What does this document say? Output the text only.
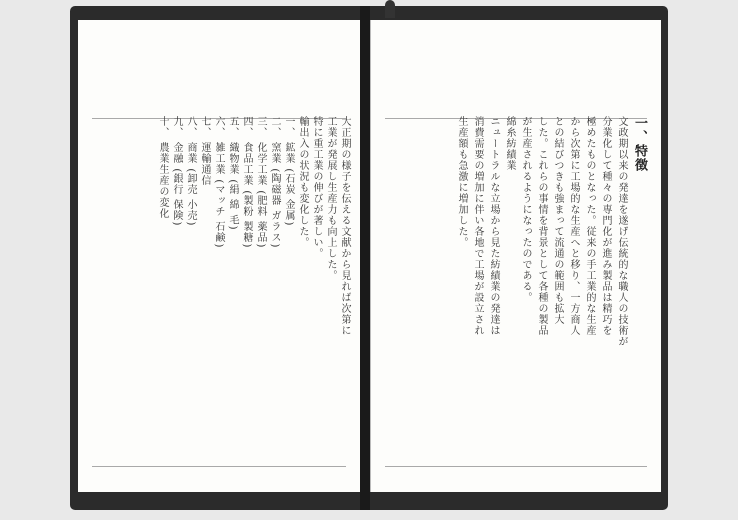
大正期の様子を伝える文献から見れば次第に
工業が発展し生産力も向上した。
特に重工業の伸びが著しい。
輸出入の状況も変化した。
一、 鉱業 (石炭 金属)
二、 窯業 (陶磁器 ガラス)
三、 化学工業 (肥料 薬品)
四、 食品工業 (製粉 製糖)
五、 織物業 (絹 綿 毛)
六、 雑工業 (マッチ 石鹸)
七、 運輸通信
八、 商業 (卸売 小売)
九、 金融 (銀行 保険)
十、 農業生産の変化	一、特徴
文政期以来の発達を遂げ伝統的な職人の技術が
分業化して種々の専門化が進み製品は精巧を
極めたものとなった。従来の手工業的な生産
から次第に工場的な生産へと移り、一方商人
との結びつきも強まって流通の範囲も拡大
した。これらの事情を背景として各種の製品
が生産されるようになったのである。
綿糸紡績業
ニュートラルな立場から見た紡績業の発達は
消費需要の増加に伴い各地で工場が設立され
生産額も急激に増加した。
